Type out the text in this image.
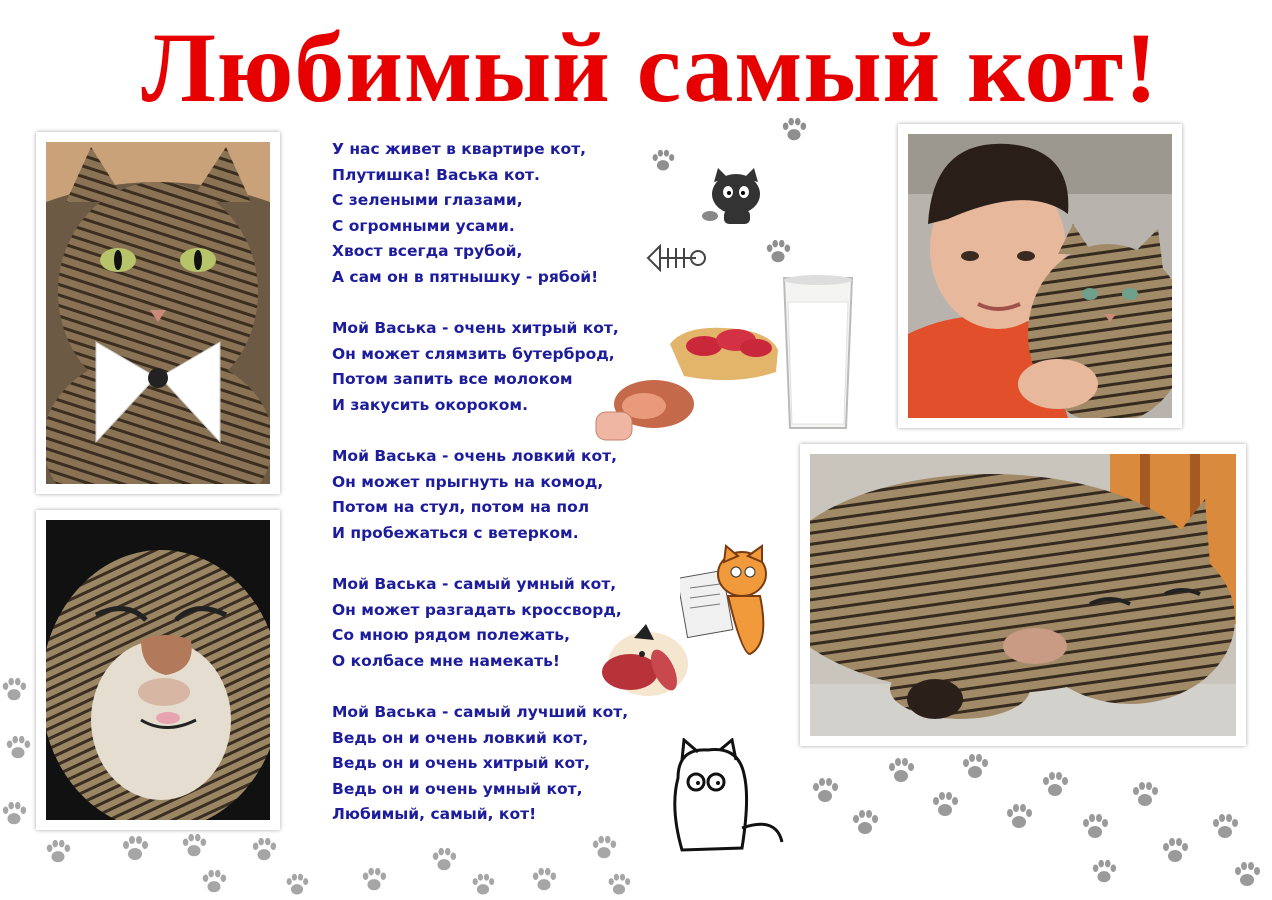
Любимый самый кот!
У нас живет в квартире кот,
Плутишка! Васька кот.
С зелеными глазами,
С огромными усами.
Хвост всегда трубой,
А сам он в пятнышку - рябой!
Мой Васька - очень хитрый кот,
Он может слямзить бутерброд,
Потом запить все молоком
И закусить окороком.
Мой Васька - очень ловкий кот,
Он может прыгнуть на комод,
Потом на стул, потом на пол
И пробежаться с ветерком.
Мой Васька - самый умный кот,
Он может разгадать кроссворд,
Со мною рядом полежать,
О колбасе мне намекать!
Мой Васька - самый лучший кот,
Ведь он и очень ловкий кот,
Ведь он и очень хитрый кот,
Ведь он и очень умный кот,
Любимый, самый, кот!
